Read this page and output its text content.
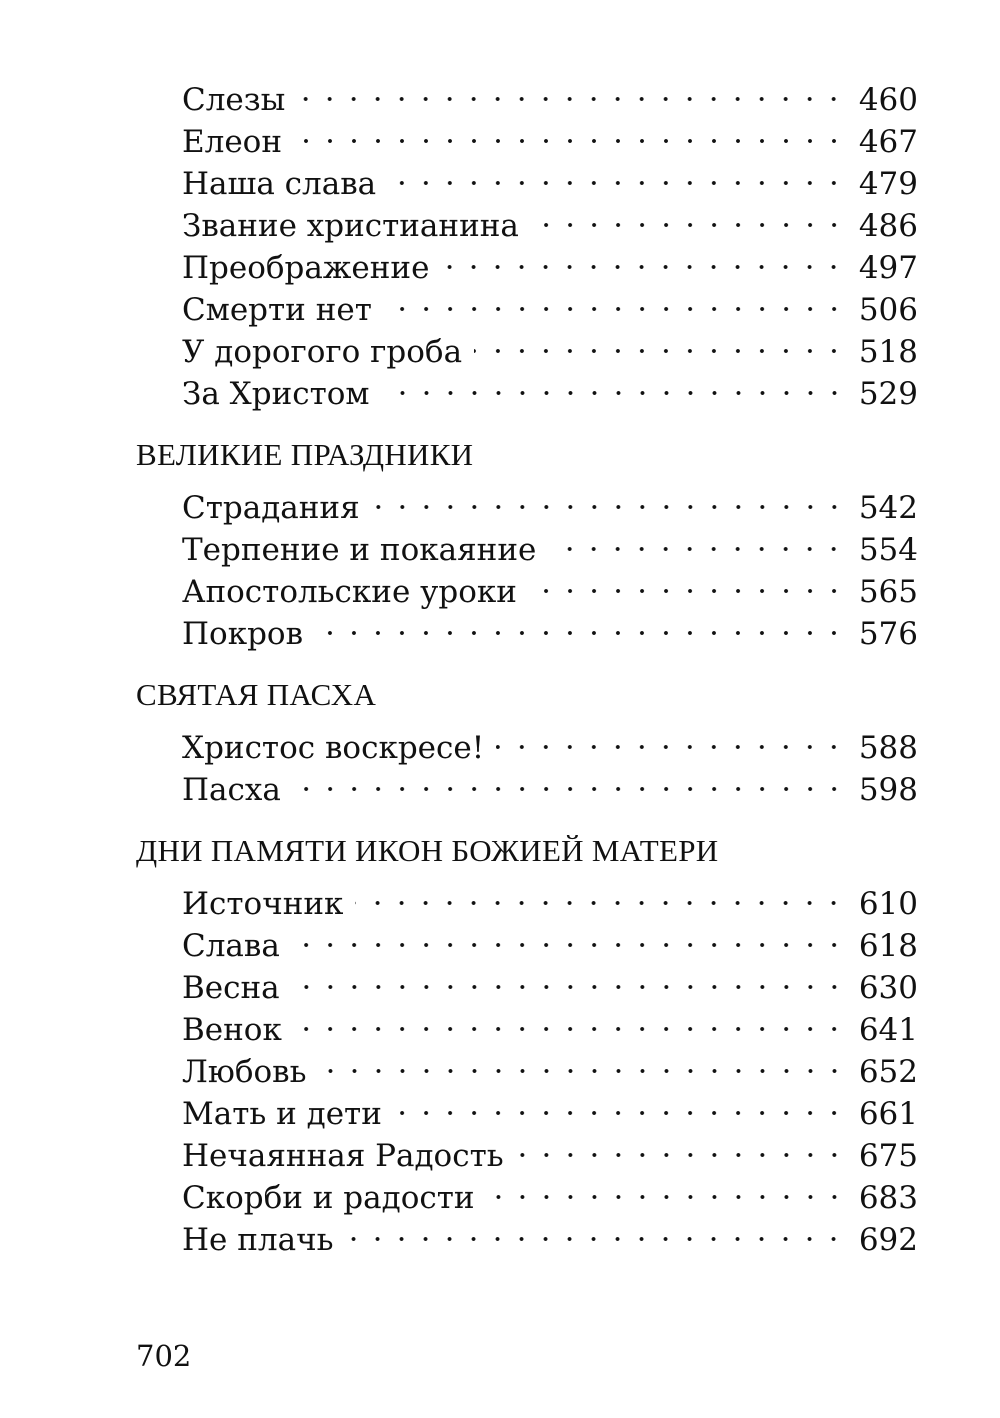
Слезы	460
Елеон	467
Наша слава	479
Звание христианина	486
Преображение	497
Смерти нет	506
У дорогого гроба	518
За Христом	529
ВЕЛИКИЕ ПРАЗДНИКИ
Страдания	542
Терпение и покаяние	554
Апостольские уроки	565
Покров	576
СВЯТАЯ ПАСХА
Христос воскресе!	588
Пасха	598
ДНИ ПАМЯТИ ИКОН БОЖИЕЙ МАТЕРИ
Источник	610
Слава	618
Весна	630
Венок	641
Любовь	652
Мать и дети	661
Нечаянная Радость	675
Скорби и радости	683
Не плачь	692
702
